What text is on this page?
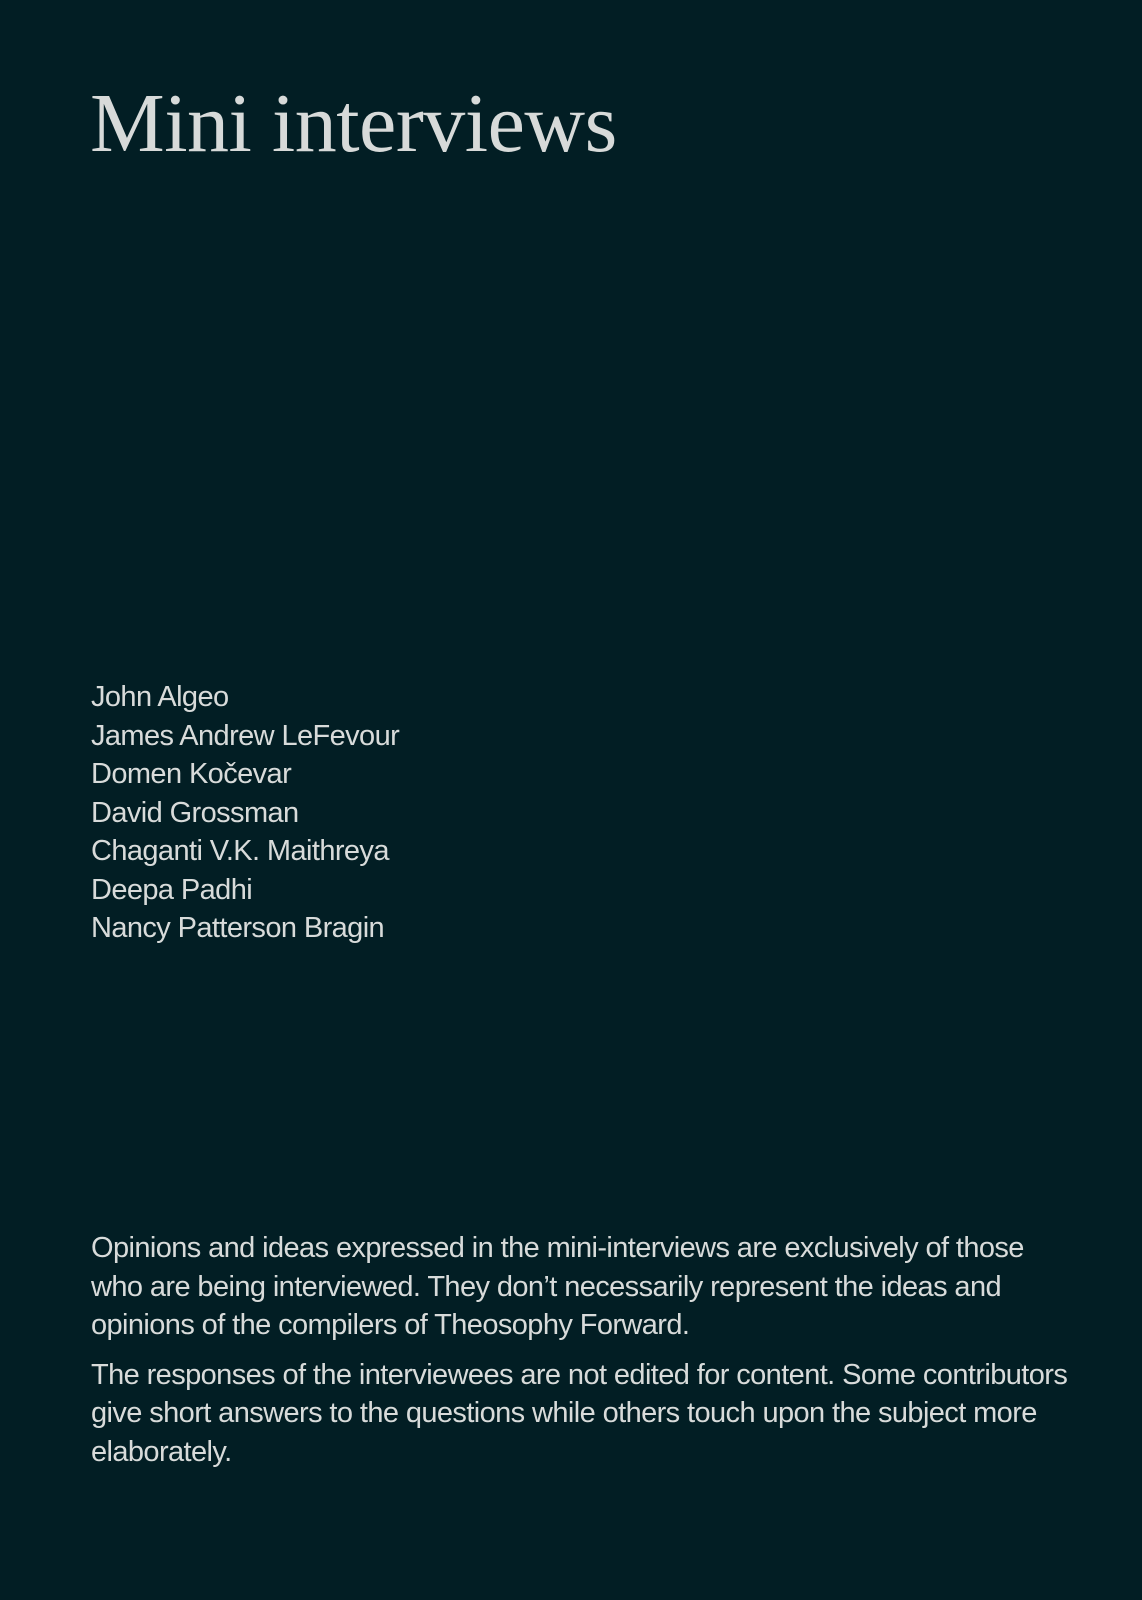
Mini interviews
John Algeo
James Andrew LeFevour
Domen Kočevar
David Grossman
Chaganti V.K. Maithreya
Deepa Padhi
Nancy Patterson Bragin

Opinions and ideas expressed in the mini-interviews are exclusively of those who are being interviewed. They don’t necessarily represent the ideas and opinions of the compilers of Theosophy Forward.

The responses of the interviewees are not edited for content. Some contributors give short answers to the questions while others touch upon the subject more elaborately.
